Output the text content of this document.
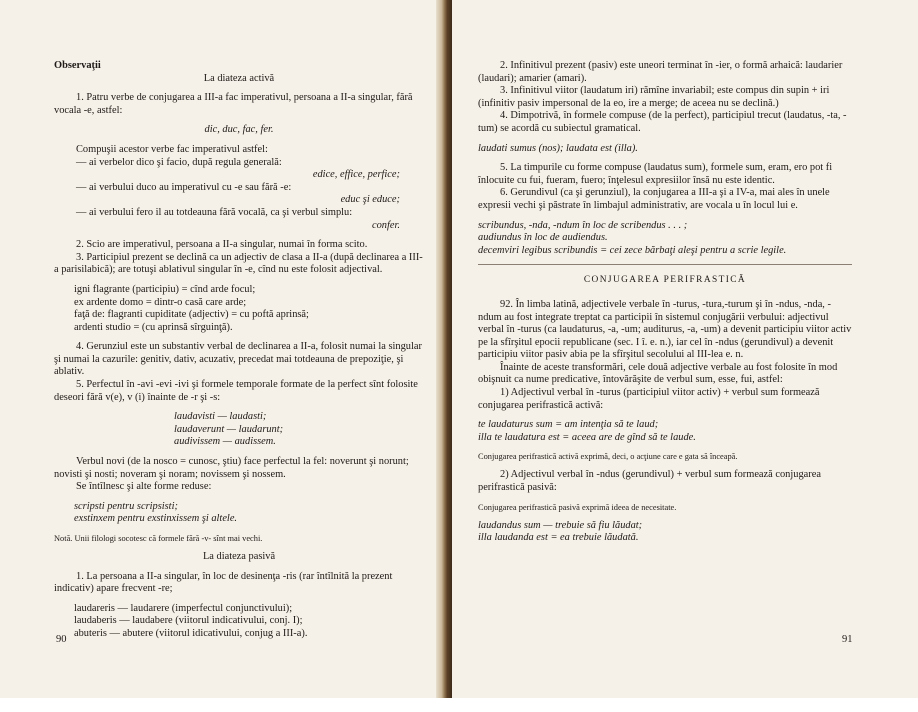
Observaţii

La diateza activă

1. Patru verbe de conjugarea a III-a fac imperativul, persoana a II-a singular, fără vocala -e, astfel:

dic, duc, fac, fer.

Compuşii acestor verbe fac imperativul astfel:

— ai verbelor dico şi facio, după regula generală:

edice, effice, perfice;

— ai verbului duco au imperativul cu -e sau fără -e:

educ şi educe;

— ai verbului fero il au totdeauna fără vocală, ca şi verbul simplu:

confer.

2. Scio are imperativul, persoana a II-a singular, numai în forma scito.

3. Participiul prezent se declină ca un adjectiv de clasa a II-a (după declinarea a III-a parisilabică); are totuşi ablativul singular în -e, cînd nu este folosit adjectival.

igni flagrante (participiu) = cînd arde focul;

ex ardente domo = dintr-o casă care arde;

faţă de: flagranti cupiditate (adjectiv) = cu poftă aprinsă;

ardenti studio = (cu aprinsă sîrguinţă).

4. Gerunziul este un substantiv verbal de declinarea a II-a, folosit numai la singular şi numai la cazurile: genitiv, dativ, acuzativ, precedat mai totdeauna de prepoziţie, şi ablativ.

5. Perfectul în -avi -evi -ivi şi formele temporale formate de la perfect sînt folosite deseori fără v(e), v (i) înainte de -r şi -s:

laudavisti — laudasti;

laudaverunt — laudarunt;

audivissem — audissem.

Verbul novi (de la nosco = cunosc, ştiu) face perfectul la fel: noverunt şi norunt; novisti şi nosti; noveram şi noram; novissem şi nossem.

Se întîlnesc şi alte forme reduse:

scripsti pentru scripsisti;

exstinxem pentru exstinxissem şi altele.

Notă. Unii filologi socotesc că formele fără -v- sînt mai vechi.

La diateza pasivă

1. La persoana a II-a singular, în loc de desinenţa -ris (rar întîlnită la prezent indicativ) apare frecvent -re;

laudareris — laudarere (imperfectul conjunctivului);

laudaberis — laudabere (viitorul indicativului, conj. I);

abuteris — abutere (viitorul idicativului, conjug a III-a).

90

2. Infinitivul prezent (pasiv) este uneori terminat în -ier, o formă arhaică: laudarier (laudari); amarier (amari).

3. Infinitivul viitor (laudatum iri) rămîne invariabil; este compus din supin + iri (infinitiv pasiv impersonal de la eo, ire a merge; de aceea nu se declină.)

4. Dimpotrivă, în formele compuse (de la perfect), participiul trecut (laudatus, -ta, -tum) se acordă cu subiectul gramatical.

laudati sumus (nos); laudata est (illa).

5. La timpurile cu forme compuse (laudatus sum), formele sum, eram, ero pot fi înlocuite cu fui, fueram, fuero; înţelesul expresiilor însă nu este identic.

6. Gerundivul (ca şi gerunziul), la conjugarea a III-a şi a IV-a, mai ales în unele expresii vechi şi păstrate în limbajul administrativ, are vocala u în locul lui e.

scribundus, -nda, -ndum în loc de scribendus . . . ;

audiundus în loc de audiendus.

decemviri legibus scribundis = cei zece bărbaţi aleşi pentru a scrie legile.

CONJUGAREA PERIFRASTICĂ

92. În limba latină, adjectivele verbale în -turus, -tura,-turum şi în -ndus, -nda, -ndum au fost integrate treptat ca participii în sistemul conjugării verbului: adjectivul verbal în -turus (ca laudaturus, -a, -um; auditurus, -a, -um) a devenit participiu viitor activ pe la sfîrşitul epocii republicane (sec. I î. e. n.), iar cel în -ndus (gerundivul) a devenit participiu viitor pasiv abia pe la sfîrşitul secolului al III-lea e. n.

Înainte de aceste transformări, cele două adjective verbale au fost folosite în mod obişnuit ca nume predicative, întovărăşite de verbul sum, esse, fui, astfel:

1) Adjectivul verbal în -turus (participiul viitor activ) + verbul sum formează conjugarea perifrastică activă:

te laudaturus sum = am intenţia să te laud;

illa te laudatura est = aceea are de gînd să te laude.

Conjugarea perifrastică activă exprimă, deci, o acţiune care e gata să înceapă.

2) Adjectivul verbal în -ndus (gerundivul) + verbul sum formează conjugarea perifrastică pasivă:

Conjugarea perifrastică pasivă exprimă ideea de necesitate.

laudandus sum — trebuie să fiu lăudat;

illa laudanda est = ea trebuie lăudată.

91
